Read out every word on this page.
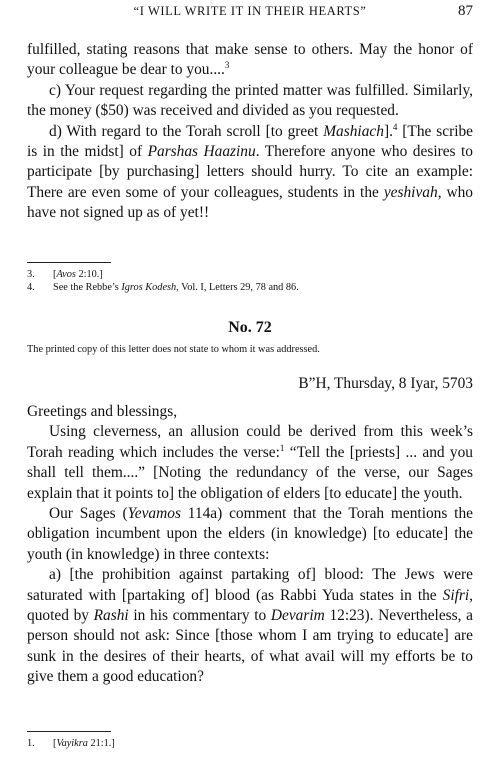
“I WILL WRITE IT IN THEIR HEARTS”	87

fulfilled, stating reasons that make sense to others. May the honor of your colleague be dear to you....$^3$

c) Your request regarding the printed matter was fulfilled. Similarly, the money ($50) was received and divided as you requested.

d) With regard to the Torah scroll [to greet Mashiach].$^4$ [The scribe is in the midst] of Parshas Haazinu. Therefore anyone who desires to participate [by purchasing] letters should hurry. To cite an example: There are even some of your colleagues, students in the yeshivah, who have not signed up as of yet!!

3. [Avos 2:10.]

4. See the Rebbe’s Igros Kodesh, Vol. I, Letters 29, 78 and 86.

No. 72
The printed copy of this letter does not state to whom it was addressed.
B”H, Thursday, 8 Iyar, 5703

Greetings and blessings,

Using cleverness, an allusion could be derived from this week’s Torah reading which includes the verse:$^1$ “Tell the [priests] ... and you shall tell them....” [Noting the redundancy of the verse, our Sages explain that it points to] the obligation of elders [to educate] the youth.

Our Sages (Yevamos 114a) comment that the Torah mentions the obligation incumbent upon the elders (in knowledge) [to educate] the youth (in knowledge) in three contexts:

a) [the prohibition against partaking of] blood: The Jews were saturated with [partaking of] blood (as Rabbi Yuda states in the Sifri, quoted by Rashi in his commentary to Devarim 12:23). Nevertheless, a person should not ask: Since [those whom I am trying to educate] are sunk in the desires of their hearts, of what avail will my efforts be to give them a good education?

1. [Vayikra 21:1.]
